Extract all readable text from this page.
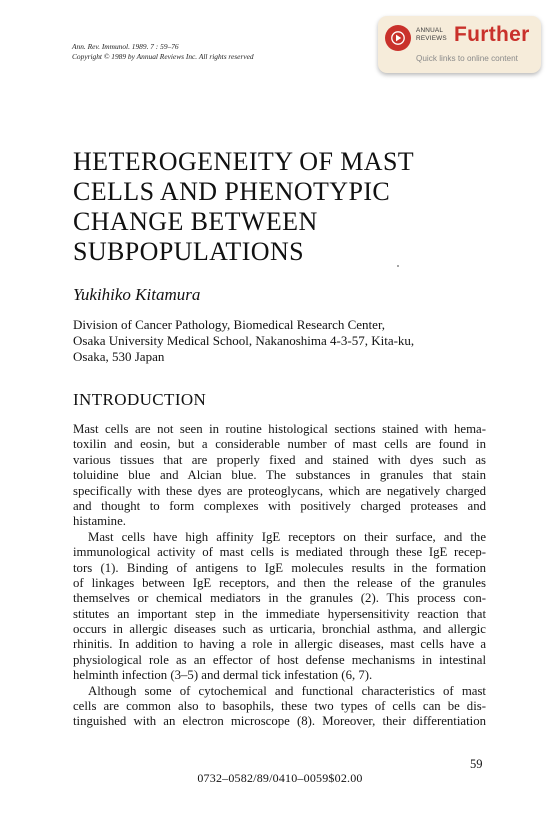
Ann. Rev. Immunol. 1989. 7 : 59–76
Copyright © 1989 by Annual Reviews Inc. All rights reserved
ANNUAL
REVIEWS Further
Quick links to online content
HETEROGENEITY OF MAST
CELLS AND PHENOTYPIC
CHANGE BETWEEN
SUBPOPULATIONS
Yukihiko Kitamura
Division of Cancer Pathology, Biomedical Research Center,
Osaka University Medical School, Nakanoshima 4-3-57, Kita-ku,
Osaka, 530 Japan
INTRODUCTION
Mast cells are not seen in routine histological sections stained with hema-
toxilin and eosin, but a considerable number of mast cells are found in
various tissues that are properly fixed and stained with dyes such as
toluidine blue and Alcian blue. The substances in granules that stain
specifically with these dyes are proteoglycans, which are negatively charged
and thought to form complexes with positively charged proteases and
histamine.
Mast cells have high affinity IgE receptors on their surface, and the
immunological activity of mast cells is mediated through these IgE recep-
tors (1). Binding of antigens to IgE molecules results in the formation
of linkages between IgE receptors, and then the release of the granules
themselves or chemical mediators in the granules (2). This process con-
stitutes an important step in the immediate hypersensitivity reaction that
occurs in allergic diseases such as urticaria, bronchial asthma, and allergic
rhinitis. In addition to having a role in allergic diseases, mast cells have a
physiological role as an effector of host defense mechanisms in intestinal
helminth infection (3–5) and dermal tick infestation (6, 7).
Although some of cytochemical and functional characteristics of mast
cells are common also to basophils, these two types of cells can be dis-
tinguished with an electron microscope (8). Moreover, their differentiation
59
0732–0582/89/0410–0059$02.00
